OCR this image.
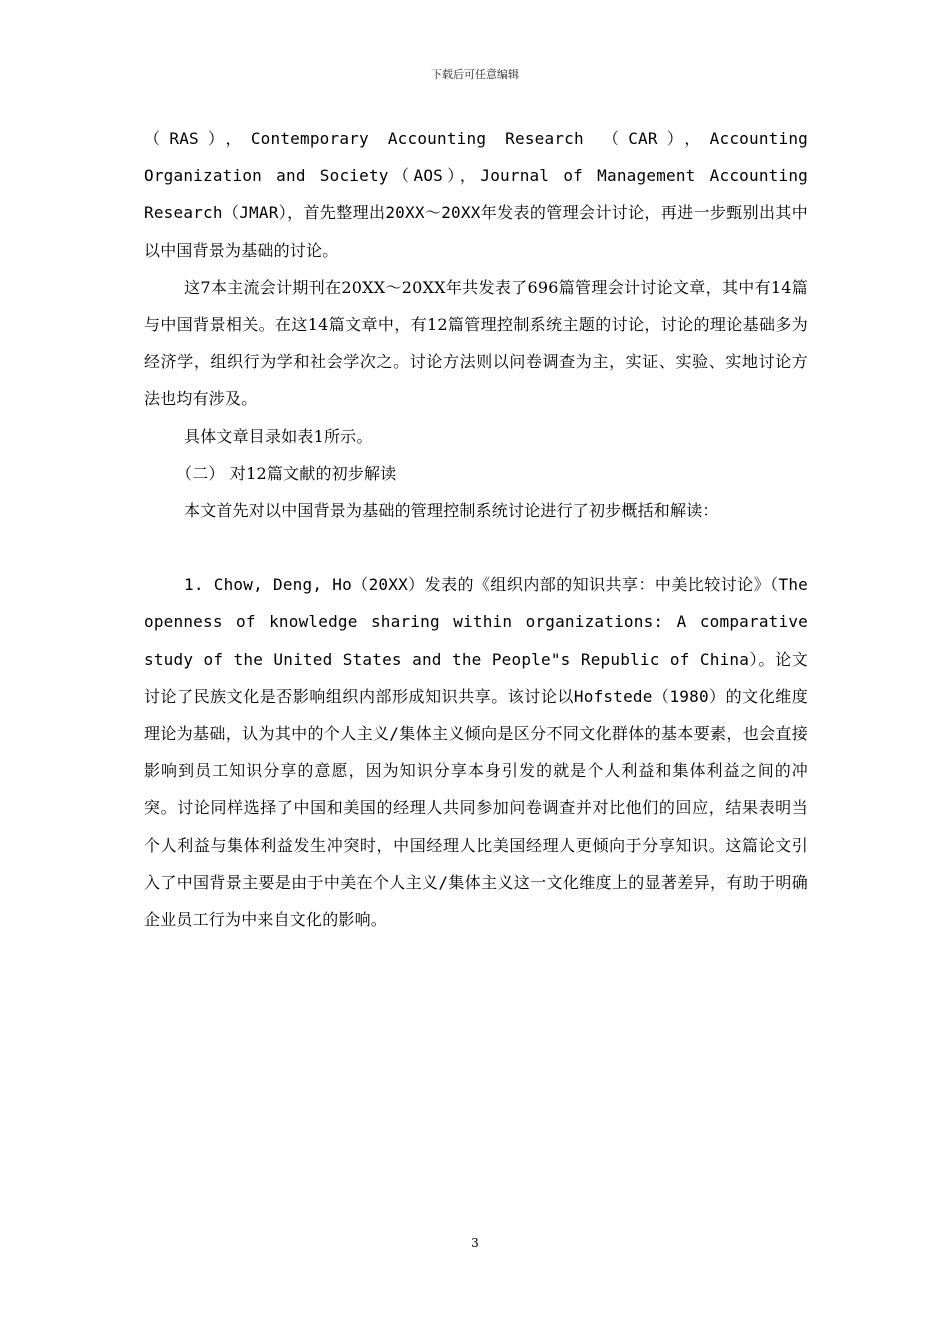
下载后可任意编辑

（RAS），Contemporary Accounting Research （CAR），Accounting Organization and Society（AOS），Journal of Management Accounting Research（JMAR），首先整理出20XX～20XX年发表的管理会计讨论，再进一步甄别出其中以中国背景为基础的讨论。

这7本主流会计期刊在20XX～20XX年共发表了696篇管理会计讨论文章，其中有14篇与中国背景相关。在这14篇文章中，有12篇管理控制系统主题的讨论，讨论的理论基础多为经济学，组织行为学和社会学次之。讨论方法则以问卷调查为主，实证、实验、实地讨论方法也均有涉及。

具体文章目录如表1所示。

（二） 对12篇文献的初步解读

本文首先对以中国背景为基础的管理控制系统讨论进行了初步概括和解读：

1. Chow, Deng, Ho（20XX）发表的《组织内部的知识共享：中美比较讨论》（The openness of knowledge sharing within organizations: A comparative study of the United States and the People"s Republic of China）。论文讨论了民族文化是否影响组织内部形成知识共享。该讨论以Hofstede（1980）的文化维度理论为基础，认为其中的个人主义/集体主义倾向是区分不同文化群体的基本要素，也会直接影响到员工知识分享的意愿，因为知识分享本身引发的就是个人利益和集体利益之间的冲突。讨论同样选择了中国和美国的经理人共同参加问卷调查并对比他们的回应，结果表明当个人利益与集体利益发生冲突时，中国经理人比美国经理人更倾向于分享知识。这篇论文引入了中国背景主要是由于中美在个人主义/集体主义这一文化维度上的显著差异，有助于明确企业员工行为中来自文化的影响。

3
